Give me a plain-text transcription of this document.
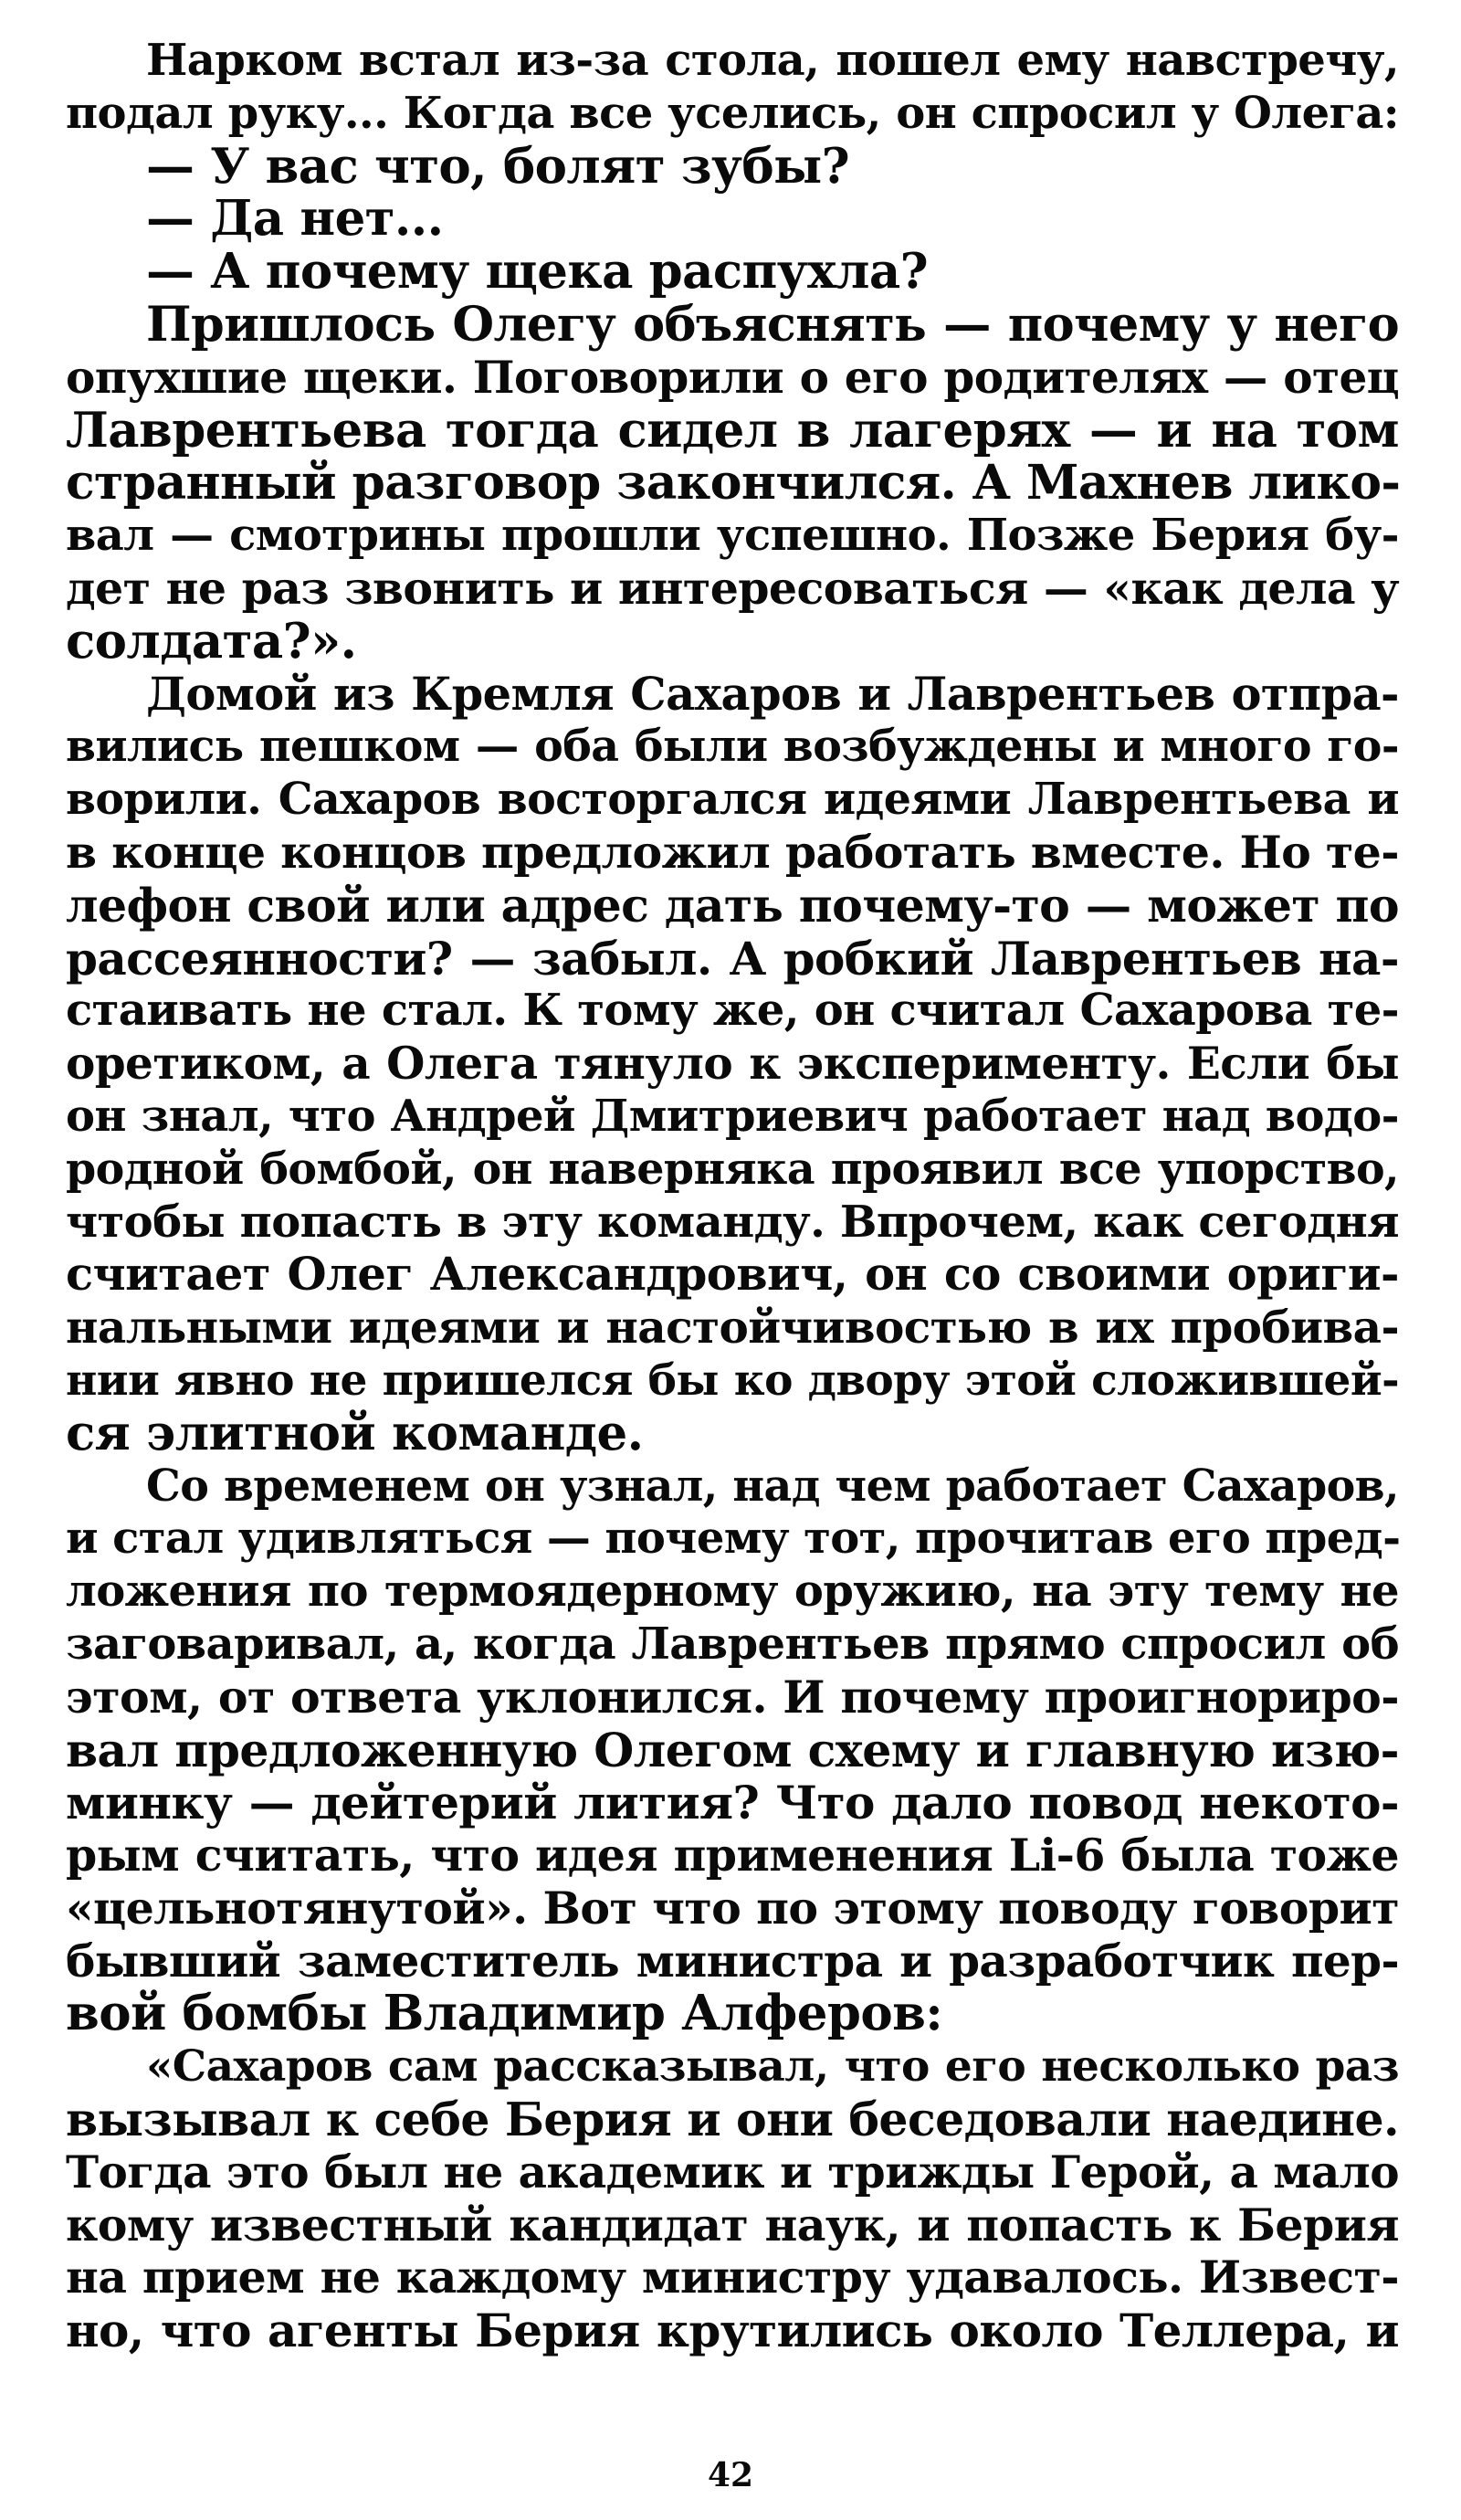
Нарком встал из-за стола, пошел ему навстречу,
подал руку... Когда все уселись, он спросил у Олега:
— У вас что, болят зубы?
— Да нет...
— А почему щека распухла?
Пришлось Олегу объяснять — почему у него
опухшие щеки. Поговорили о его родителях — отец
Лаврентьева тогда сидел в лагерях — и на том
странный разговор закончился. А Махнев лико-
вал — смотрины прошли успешно. Позже Берия бу-
дет не раз звонить и интересоваться — «как дела у
солдата?».
Домой из Кремля Сахаров и Лаврентьев отпра-
вились пешком — оба были возбуждены и много го-
ворили. Сахаров восторгался идеями Лаврентьева и
в конце концов предложил работать вместе. Но те-
лефон свой или адрес дать почему-то — может по
рассеянности? — забыл. А робкий Лаврентьев на-
стаивать не стал. К тому же, он считал Сахарова те-
оретиком, а Олега тянуло к эксперименту. Если бы
он знал, что Андрей Дмитриевич работает над водо-
родной бомбой, он наверняка проявил все упорство,
чтобы попасть в эту команду. Впрочем, как сегодня
считает Олег Александрович, он со своими ориги-
нальными идеями и настойчивостью в их пробива-
нии явно не пришелся бы ко двору этой сложившей-
ся элитной команде.
Со временем он узнал, над чем работает Сахаров,
и стал удивляться — почему тот, прочитав его пред-
ложения по термоядерному оружию, на эту тему не
заговаривал, а, когда Лаврентьев прямо спросил об
этом, от ответа уклонился. И почему проигнориро-
вал предложенную Олегом схему и главную изю-
минку — дейтерий лития? Что дало повод некото-
рым считать, что идея применения Li-6 была тоже
«цельнотянутой». Вот что по этому поводу говорит
бывший заместитель министра и разработчик пер-
вой бомбы Владимир Алферов:
«Сахаров сам рассказывал, что его несколько раз
вызывал к себе Берия и они беседовали наедине.
Тогда это был не академик и трижды Герой, а мало
кому известный кандидат наук, и попасть к Берия
на прием не каждому министру удавалось. Извест-
но, что агенты Берия крутились около Теллера, и
42
